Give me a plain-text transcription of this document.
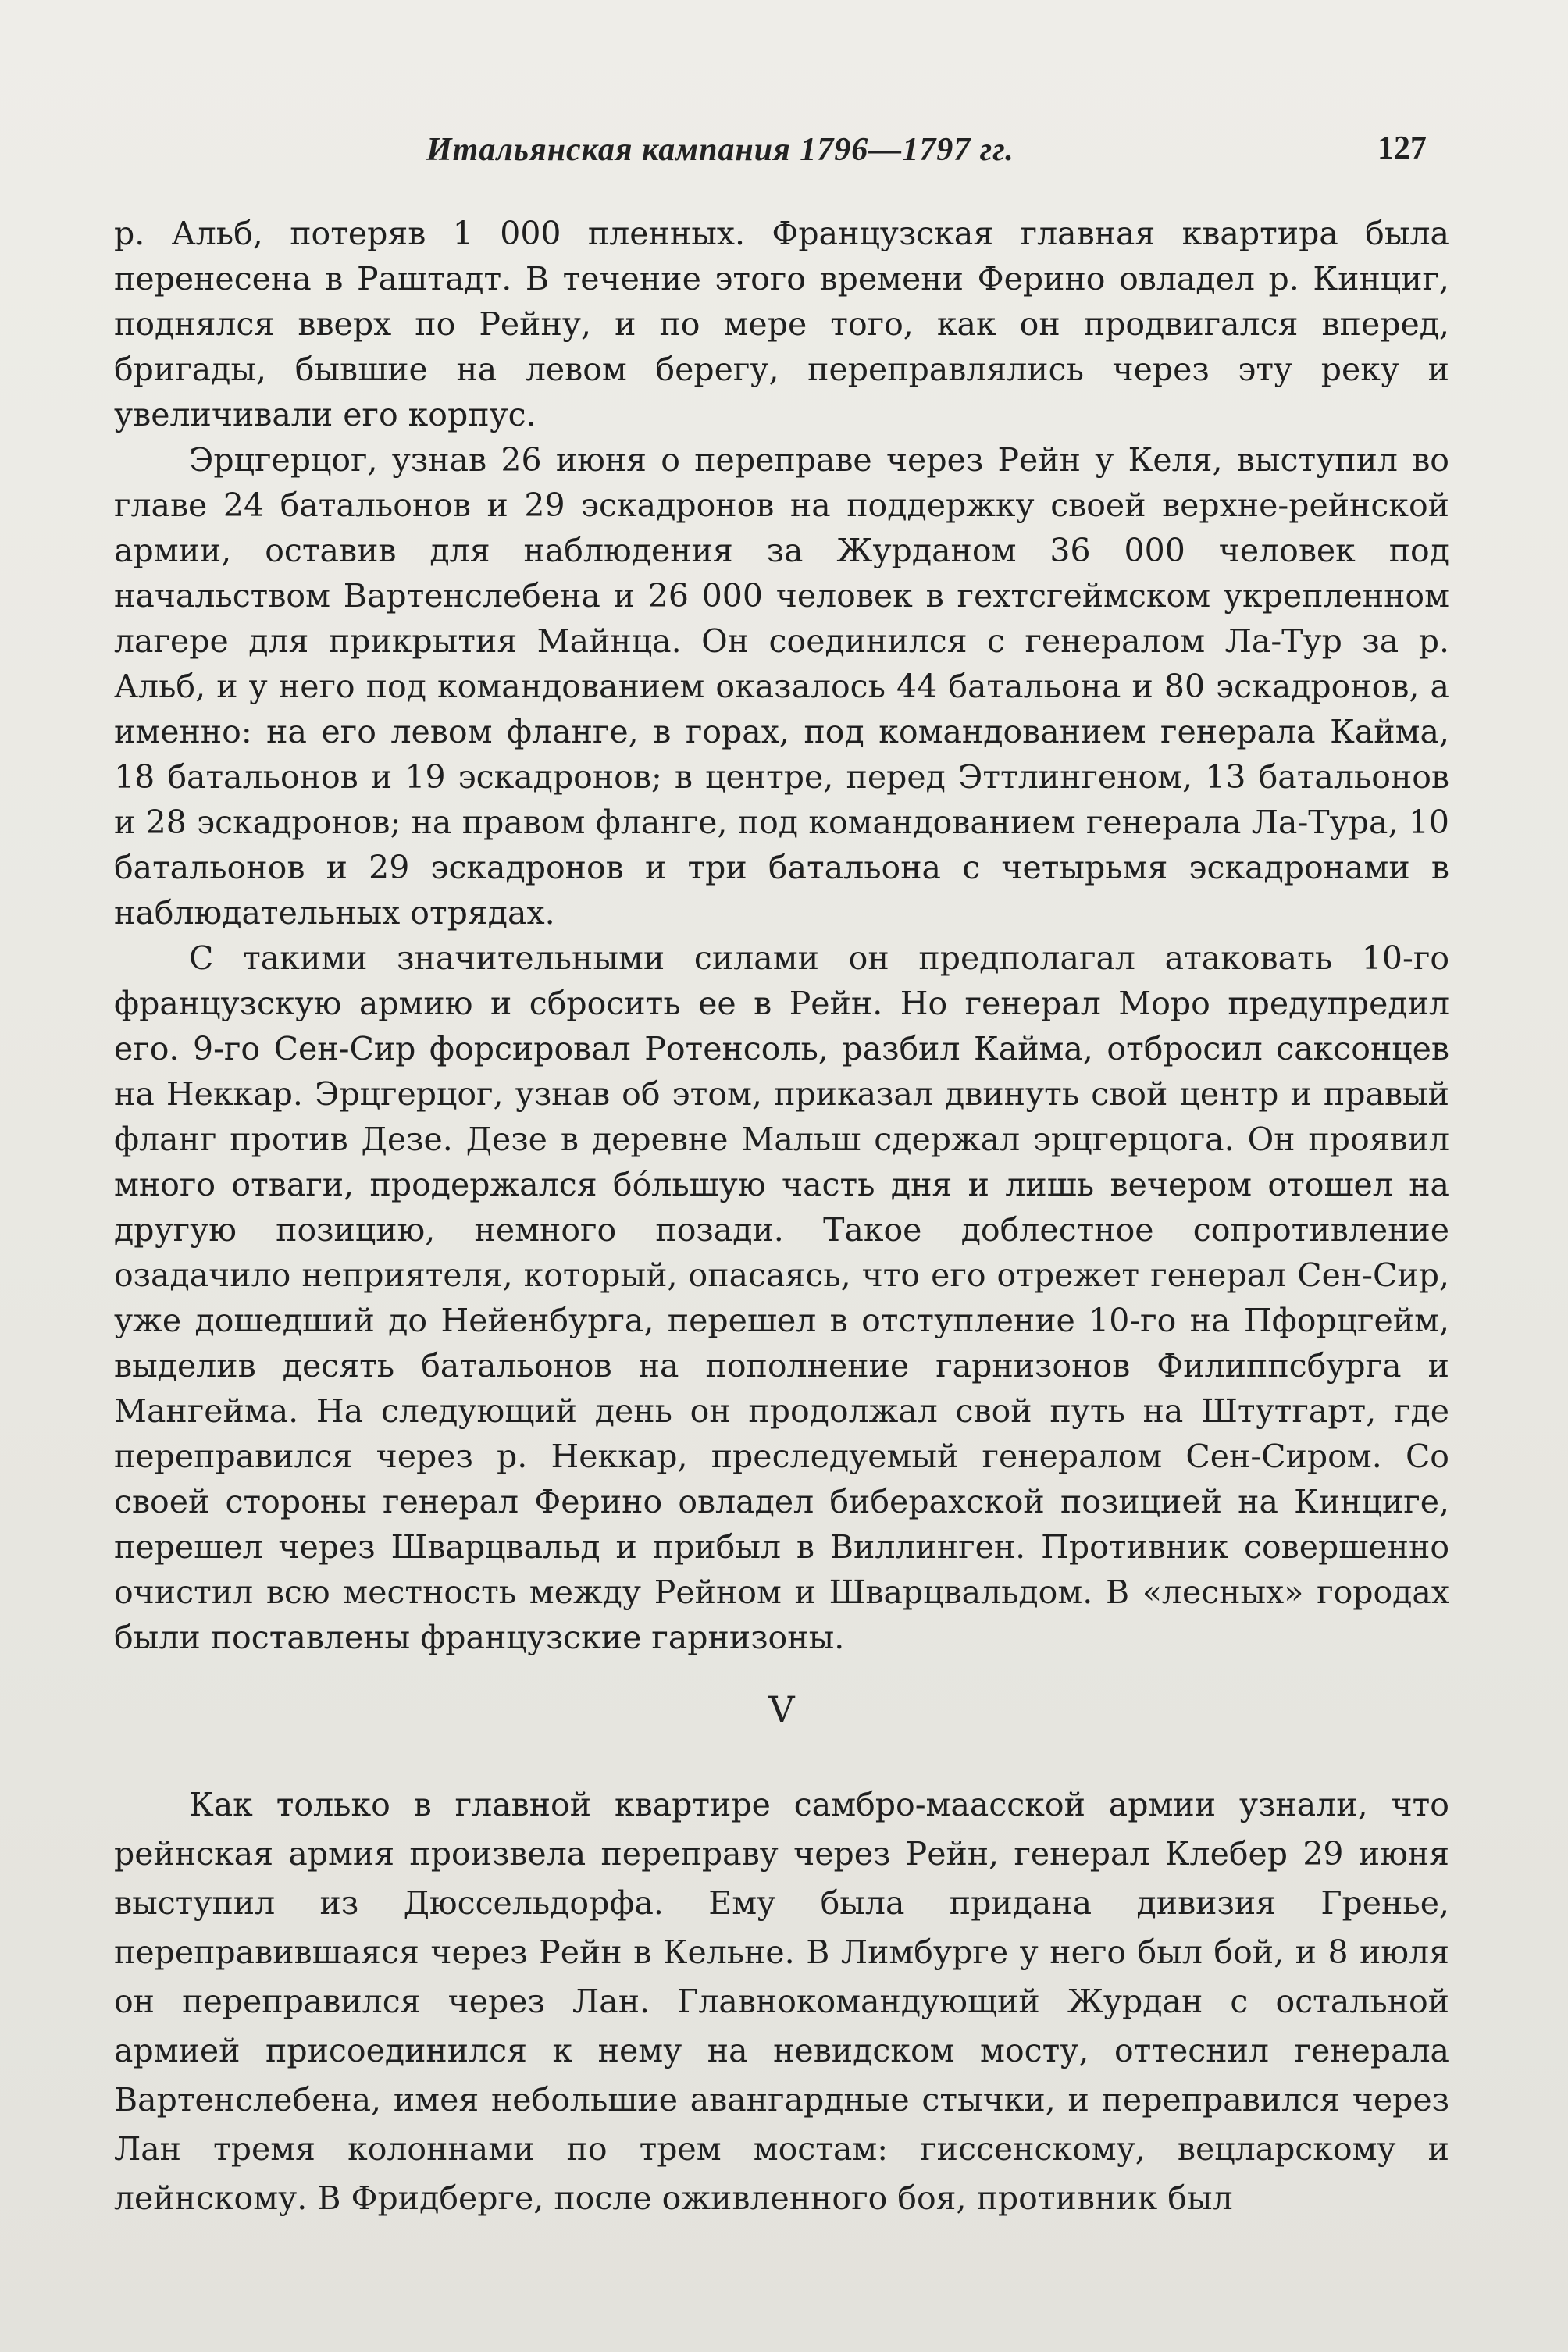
Итальянская кампания 1796—1797 гг.	127

р. Альб, потеряв 1 000 пленных. Французская главная квартира была перенесена в Раштадт. В течение этого времени Ферино овладел р. Кинциг, поднялся вверх по Рейну, и по мере того, как он продвигался вперед, бригады, бывшие на левом берегу, переправлялись через эту реку и увеличивали его корпус.

Эрцгерцог, узнав 26 июня о переправе через Рейн у Келя, выступил во главе 24 батальонов и 29 эскадронов на поддержку своей верхне-рейнской армии, оставив для наблюдения за Журданом 36 000 человек под начальством Вартенслебена и 26 000 человек в гехтсгеймском укрепленном лагере для прикрытия Майнца. Он соединился с генералом Ла-Тур за р. Альб, и у него под командованием оказалось 44 батальона и 80 эскадронов, а именно: на его левом фланге, в горах, под командованием генерала Кайма, 18 батальонов и 19 эскадронов; в центре, перед Эттлингеном, 13 батальонов и 28 эскадронов; на правом фланге, под командованием генерала Ла-Тура, 10 батальонов и 29 эскадронов и три батальона с четырьмя эскадронами в наблюдательных отрядах.

С такими значительными силами он предполагал атаковать 10-го французскую армию и сбросить ее в Рейн. Но генерал Моро предупредил его. 9-го Сен-Сир форсировал Ротенсоль, разбил Кайма, отбросил саксонцев на Неккар. Эрцгерцог, узнав об этом, приказал двинуть свой центр и правый фланг против Дезе. Дезе в деревне Мальш сдержал эрцгерцога. Он проявил много отваги, продержался бо́льшую часть дня и лишь вечером отошел на другую позицию, немного позади. Такое доблестное сопротивление озадачило неприятеля, который, опасаясь, что его отрежет генерал Сен-Сир, уже дошедший до Нейенбурга, перешел в отступление 10-го на Пфорцгейм, выделив десять батальонов на пополнение гарнизонов Филиппсбурга и Мангейма. На следующий день он продолжал свой путь на Штутгарт, где переправился через р. Неккар, преследуемый генералом Сен-Сиром. Со своей стороны генерал Ферино овладел биберахской позицией на Кинциге, перешел через Шварцвальд и прибыл в Виллинген. Противник совершенно очистил всю местность между Рейном и Шварцвальдом. В «лесных» городах были поставлены французские гарнизоны.

V

Как только в главной квартире самбро-маасской армии узнали, что рейнская армия произвела переправу через Рейн, генерал Клебер 29 июня выступил из Дюссельдорфа. Ему была придана дивизия Гренье, переправившаяся через Рейн в Кельне. В Лимбурге у него был бой, и 8 июля он переправился через Лан. Главнокомандующий Журдан с остальной армией присоединился к нему на невидском мосту, оттеснил генерала Вартенслебена, имея небольшие авангардные стычки, и переправился через Лан тремя колоннами по трем мостам: гиссенскому, вецларскому и лейнскому. В Фридберге, после оживленного боя, противник был
